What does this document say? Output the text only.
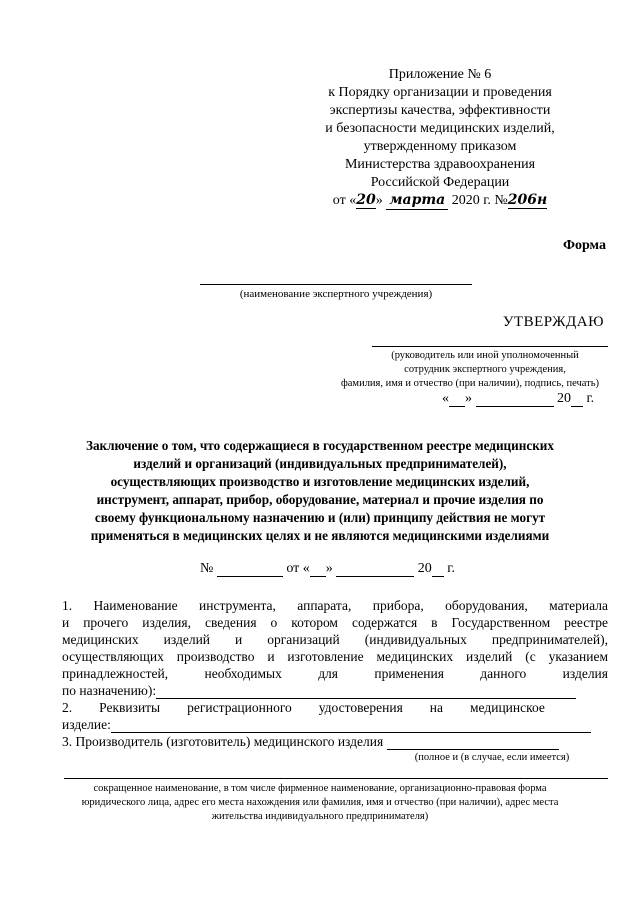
Приложение № 6
к Порядку организации и проведения
экспертизы качества, эффективности
и безопасности медицинских изделий,
утвержденному приказом
Министерства здравоохранения
Российской Федерации
от «20» марта 2020 г. №206н
Форма
(наименование экспертного учреждения)
УТВЕРЖДАЮ
(руководитель или иной уполномоченный
сотрудник экспертного учреждения,
фамилия, имя и отчество (при наличии), подпись, печать)
« »	20 г.
Заключение о том, что содержащиеся в государственном реестре медицинских
изделий и организаций (индивидуальных предпринимателей),
осуществляющих производство и изготовление медицинских изделий,
инструмент, аппарат, прибор, оборудование, материал и прочие изделия по
своему функциональному назначению и (или) принципу действия не могут
применяться в медицинских целях и не являются медицинскими изделиями
№	от « »	20 г.
1. Наименование инструмента, аппарата, прибора, оборудования, материала
и прочего изделия, сведения о котором содержатся в Государственном реестре
медицинских изделий и организаций (индивидуальных предпринимателей),
осуществляющих производство и изготовление медицинских изделий (с указанием
принадлежностей, необходимых для применения данного изделия
по назначению):
2.        Реквизиты        регистрационного        удостоверения        на        медицинское
изделие:
3. Производитель (изготовитель) медицинского изделия
(полное и (в случае, если имеется)
сокращенное наименование, в том числе фирменное наименование, организационно-правовая форма
юридического лица, адрес его места нахождения или фамилия, имя и отчество (при наличии), адрес места
жительства индивидуального предпринимателя)
